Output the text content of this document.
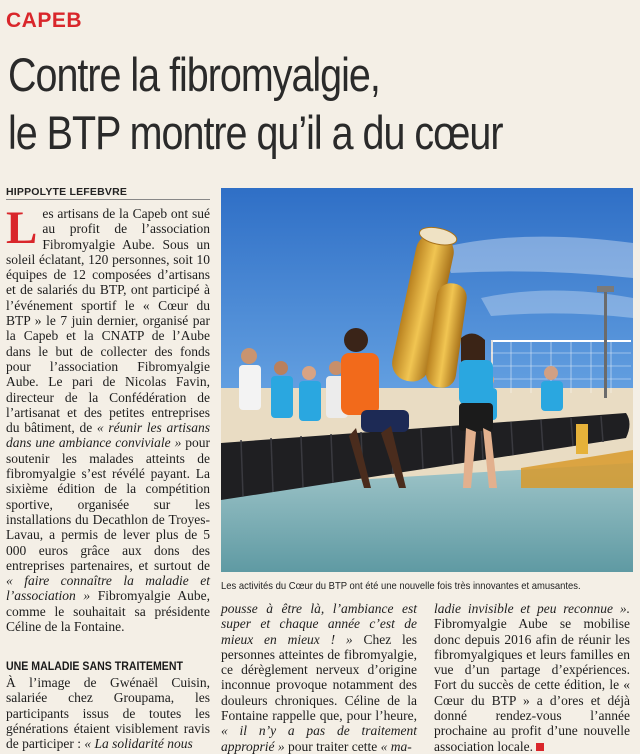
CAPEB
Contre la fibromyalgie,
le BTP montre qu’il a du cœur
HIPPOLYTE LEFEBVRE
Les artisans de la Capeb ont sué au profit de l’association Fibromyalgie Aube. Sous un soleil éclatant, 120 personnes, soit 10 équipes de 12 composées d’artisans et de salariés du BTP, ont participé à l’événement sportif le « Cœur du BTP » le 7 juin dernier, organisé par la Capeb et la CNATP de l’Aube dans le but de collecter des fonds pour l’association Fibromyalgie Aube. Le pari de Nicolas Favin, directeur de la Confédération de l’artisanat et des petites entreprises du bâtiment, de « réunir les artisans dans une ambiance conviviale » pour soutenir les malades atteints de fibromyalgie s’est révélé payant. La sixième édition de la compétition sportive, organisée sur les installations du Decathlon de Troyes-Lavau, a permis de lever plus de 5 000 euros grâce aux dons des entreprises partenaires, et surtout de « faire connaître la maladie et l’association » Fibromyalgie Aube, comme le souhaitait sa présidente Céline de la Fontaine.
UNE MALADIE SANS TRAITEMENT
À l’image de Gwénaël Cuisin, salariée chez Groupama, les participants issus de toutes les générations étaient visiblement ravis de participer : « La solidarité nous
Les activités du Cœur du BTP ont été une nouvelle fois très innovantes et amusantes.
pousse à être là, l’ambiance est super et chaque année c’est de mieux en mieux ! » Chez les personnes atteintes de fibromyalgie, ce dérèglement nerveux d’origine inconnue provoque notamment des douleurs chroniques. Céline de la Fontaine rappelle que, pour l’heure, « il n’y a pas de traitement approprié » pour traiter cette « ma-
ladie invisible et peu reconnue ». Fibromyalgie Aube se mobilise donc depuis 2016 afin de réunir les fibromyalgiques et leurs familles en vue d’un partage d’expériences. Fort du succès de cette édition, le « Cœur du BTP » a d’ores et déjà donné rendez-vous l’année prochaine au profit d’une nouvelle association locale.
